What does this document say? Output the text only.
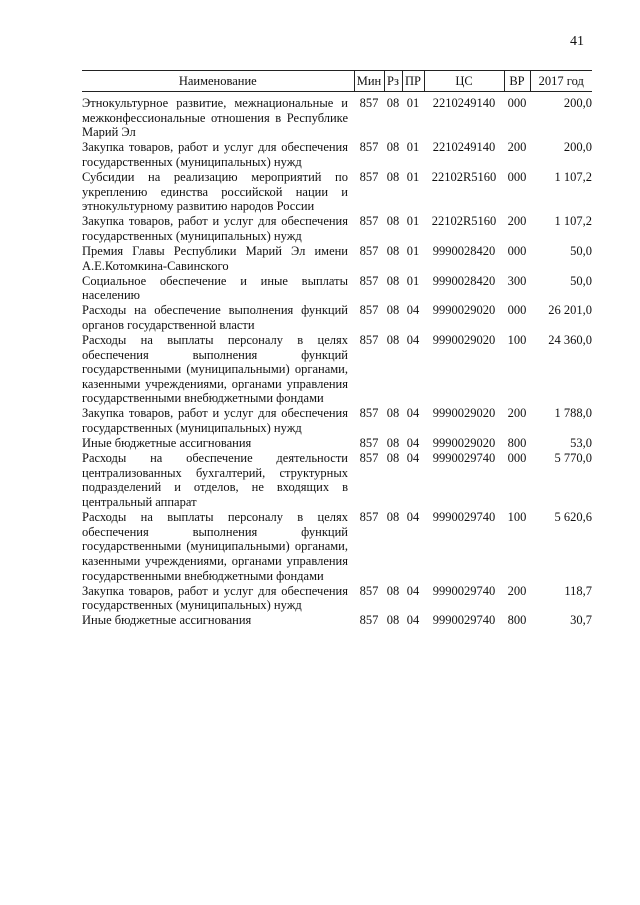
41
Наименование	Мин	Рз	ПР	ЦС	ВР	2017 год
Этнокультурное развитие, межнациональные и межконфессиональные отношения в Республике Марий Эл	857	08	01	2210249140	000	200,0
Закупка товаров, работ и услуг для обеспечения государственных (муниципальных) нужд	857	08	01	2210249140	200	200,0
Субсидии на реализацию мероприятий по укреплению единства российской нации и этнокультурному развитию народов России	857	08	01	22102R5160	000	1 107,2
Закупка товаров, работ и услуг для обеспечения государственных (муниципальных) нужд	857	08	01	22102R5160	200	1 107,2
Премия Главы Республики Марий Эл имени А.Е.Котомкина-Савинского	857	08	01	9990028420	000	50,0
Социальное обеспечение и иные выплаты населению	857	08	01	9990028420	300	50,0
Расходы на обеспечение выполнения функций органов государственной власти	857	08	04	9990029020	000	26 201,0
Расходы на выплаты персоналу в целях обеспечения выполнения функций государственными (муниципальными) органами, казенными учреждениями, органами управления государственными внебюджетными фондами	857	08	04	9990029020	100	24 360,0
Закупка товаров, работ и услуг для обеспечения государственных (муниципальных) нужд	857	08	04	9990029020	200	1 788,0
Иные бюджетные ассигнования	857	08	04	9990029020	800	53,0
Расходы на обеспечение деятельности централизованных бухгалтерий, структурных подразделений и отделов, не входящих в центральный аппарат	857	08	04	9990029740	000	5 770,0
Расходы на выплаты персоналу в целях обеспечения выполнения функций государственными (муниципальными) органами, казенными учреждениями, органами управления государственными внебюджетными фондами	857	08	04	9990029740	100	5 620,6
Закупка товаров, работ и услуг для обеспечения государственных (муниципальных) нужд	857	08	04	9990029740	200	118,7
Иные бюджетные ассигнования	857	08	04	9990029740	800	30,7
